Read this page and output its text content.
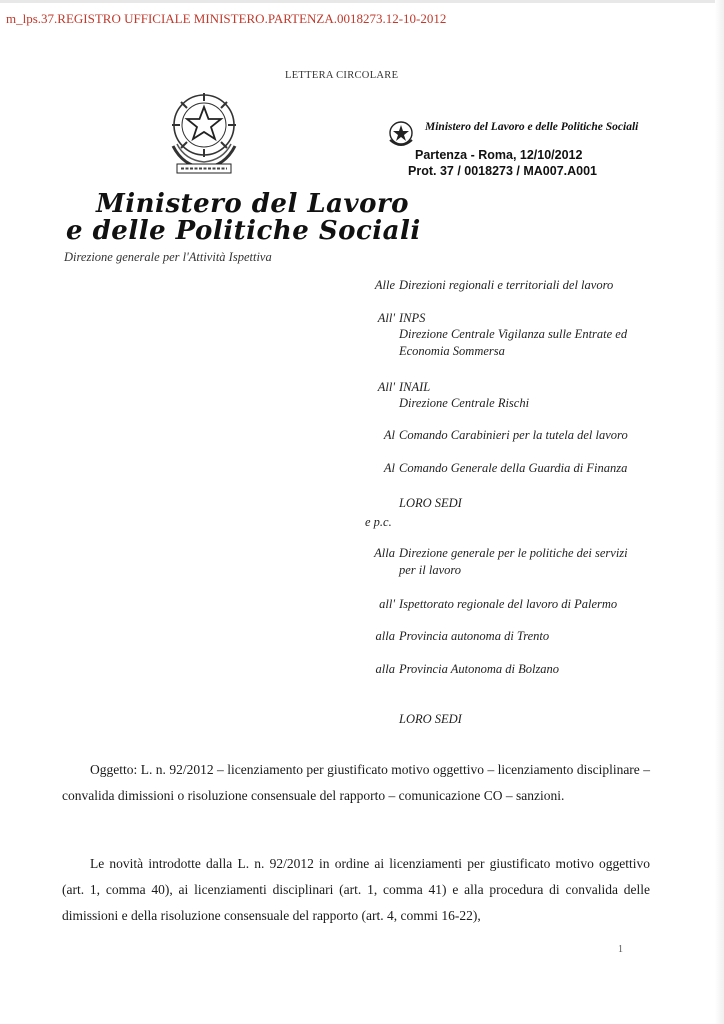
m_lps.37.REGISTRO UFFICIALE MINISTERO.PARTENZA.0018273.12-10-2012
LETTERA CIRCOLARE
Ministero del Lavoro
e delle Politiche Sociali
Direzione generale per l'Attività Ispettiva
Ministero del Lavoro e delle Politiche Sociali
Partenza - Roma, 12/10/2012
Prot. 37 / 0018273 / MA007.A001
Alle Direzioni regionali e territoriali del lavoro
All' INPS
Direzione Centrale Vigilanza sulle Entrate ed
Economia Sommersa
All' INAIL
Direzione Centrale Rischi
Al Comando Carabinieri per la tutela del lavoro
Al Comando Generale della Guardia di Finanza
LORO SEDI
e p.c.
Alla Direzione generale per le politiche dei servizi
per il lavoro
all' Ispettorato regionale del lavoro di Palermo
alla Provincia autonoma di Trento
alla Provincia Autonoma di Bolzano
LORO SEDI
Oggetto: L. n. 92/2012 – licenziamento per giustificato motivo oggettivo – licenziamento disciplinare – convalida dimissioni o risoluzione consensuale del rapporto – comunicazione CO – sanzioni.
Le novità introdotte dalla L. n. 92/2012 in ordine ai licenziamenti per giustificato motivo oggettivo (art. 1, comma 40), ai licenziamenti disciplinari (art. 1, comma 41) e alla procedura di convalida delle dimissioni e della risoluzione consensuale del rapporto (art. 4, commi 16-22),
1
